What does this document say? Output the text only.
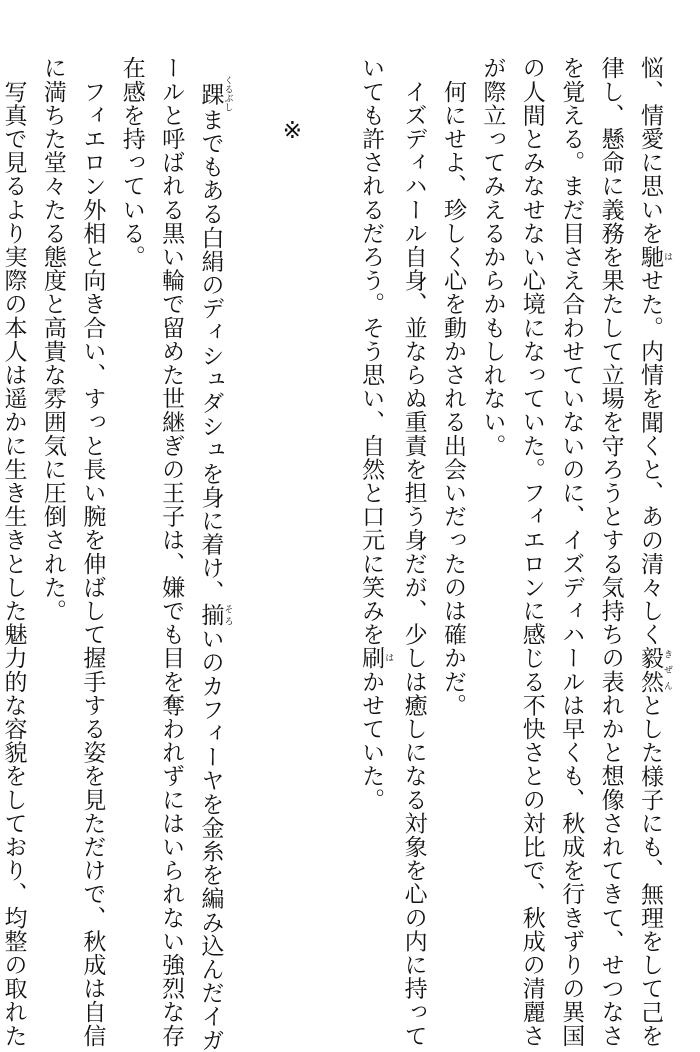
悩、情愛に思いを馳 はせた。内情を聞くと、あの清々しく毅然 きぜんとした様子にも、無理をして己を
律し、懸命に義務を果たして立場を守ろうとする気持ちの表れかと想像されてきて、せつなさ
を覚える。まだ目さえ合わせていないのに、イズディハールは早くも、秋成を行きずりの異国
の人間とみなせない心境になっていた。フィエロンに感じる不快さとの対比で、秋成の清麗さ
が際立ってみえるからかもしれない。
　何にせよ、珍しく心を動かされる出会いだったのは確かだ。
　イズディハール自身、並ならぬ重責を担う身だが、少しは癒しになる対象を心の内に持って
いても許されるだろう。そう思い、自然と口元に笑みを刷 はかせていた。

※

　踝 くるぶしまでもある白絹のディシュダシュを身に着け、揃 そろいのカフィーヤを金糸を編み込んだイガ
ールと呼ばれる黒い輪で留めた世継ぎの王子は、嫌でも目を奪われずにはいられない強烈な存
在感を持っている。
　フィエロン外相と向き合い、すっと長い腕を伸ばして握手する姿を見ただけで、秋成は自信
に満ちた堂々たる態度と高貴な雰囲気に圧倒された。
　写真で見るより実際の本人は遥かに生き生きとした魅力的な容貌をしており、均整の取れた
